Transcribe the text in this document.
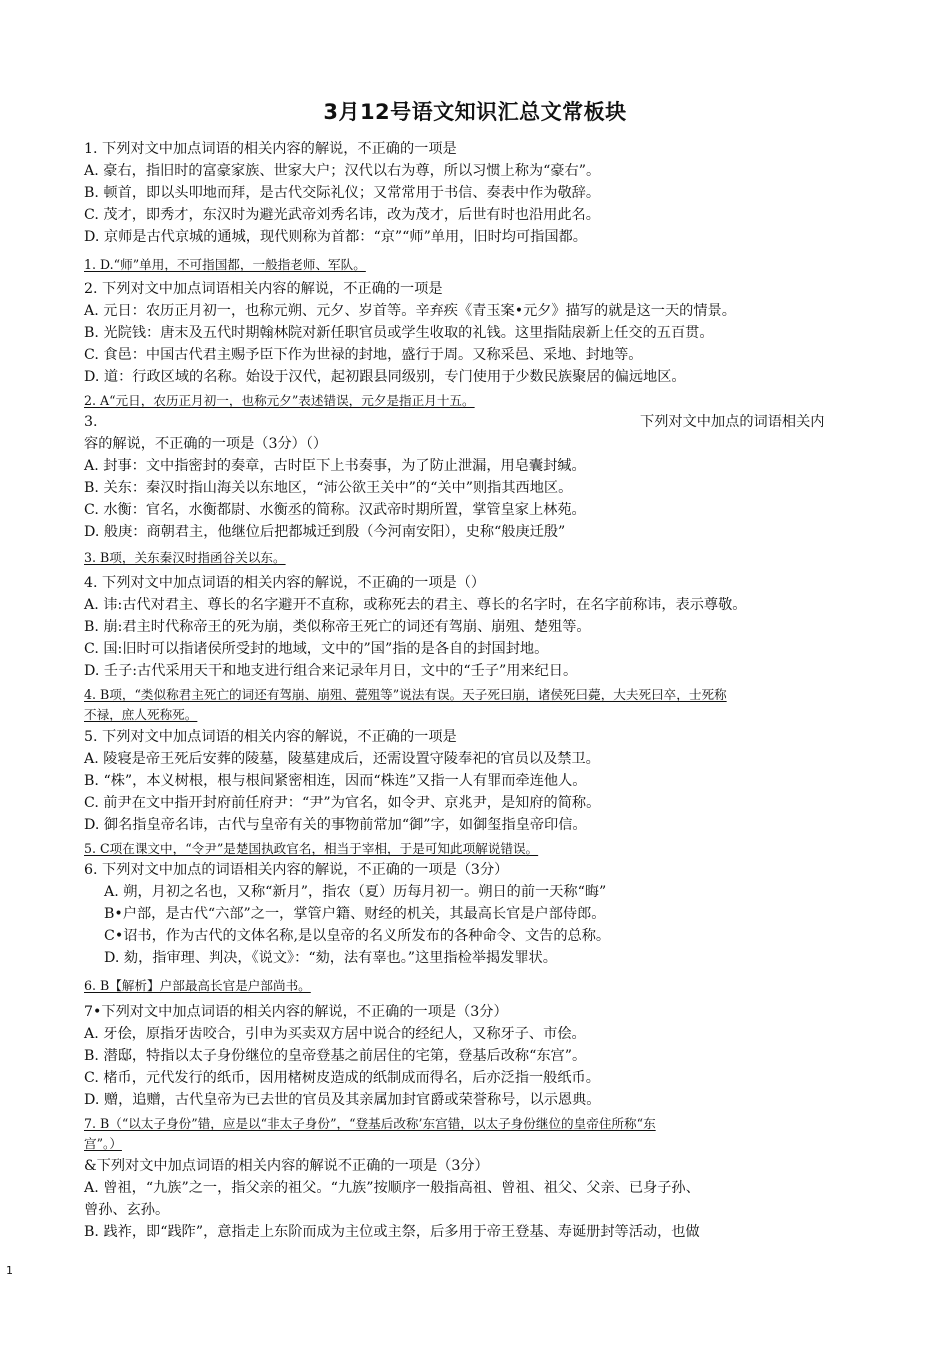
3月12号语文知识汇总文常板块
1. 下列对文中加点词语的相关内容的解说，不正确的一项是
A. 豪右，指旧时的富豪家族、世家大户；汉代以右为尊，所以习惯上称为“豪右”。
B. 顿首，即以头叩地而拜，是古代交际礼仪；又常常用于书信、奏表中作为敬辞。
C. 茂才，即秀才，东汉时为避光武帝刘秀名讳，改为茂才，后世有时也沿用此名。
D. 京师是古代京城的通城，现代则称为首都：“京”“师”单用，旧时均可指国都。
1. D.“师”单用，不可指国都，一般指老师、军队。
2. 下列对文中加点词语相关内容的解说，不正确的一项是
A. 元日：农历正月初一，也称元朔、元夕、岁首等。辛弃疾《青玉案•元夕》描写的就是这一天的情景。
B. 光院钱：唐末及五代时期翰林院对新任职官员或学生收取的礼钱。这里指陆扆新上任交的五百贯。
C. 食邑：中国古代君主赐予臣下作为世禄的封地，盛行于周。又称采邑、采地、封地等。
D. 道：行政区域的名称。始设于汉代，起初跟县同级别，专门使用于少数民族聚居的偏远地区。
2. A“元日，农历正月初一，也称元夕”表述错误，元夕是指正月十五。
3.	下列对文中加点的词语相关内
容的解说，不正确的一项是（3分）（）
A. 封事：文中指密封的奏章，古时臣下上书奏事，为了防止泄漏，用皂囊封缄。
B. 关东：秦汉时指山海关以东地区，“沛公欲王关中”的“关中”则指其西地区。
C. 水衡：官名，水衡都尉、水衡丞的简称。汉武帝时期所置，掌管皇家上林苑。
D. 般庚：商朝君主，他继位后把都城迁到殷（今河南安阳），史称“般庚迁殷”
3. B项，关东秦汉时指函谷关以东。
4. 下列对文中加点词语的相关内容的解说，不正确的一项是（）
A. 讳:古代对君主、尊长的名字避开不直称，或称死去的君主、尊长的名字时，在名字前称讳，表示尊敬。
B. 崩:君主时代称帝王的死为崩，类似称帝王死亡的词还有驾崩、崩殂、楚殂等。
C. 国:旧时可以指诸侯所受封的地域，文中的”国”指的是各自的封国封地。
D. 壬子:古代采用天干和地支进行组合来记录年月日，文中的“壬子”用来纪日。
4. B项，“类似称君主死亡的词还有驾崩、崩殂、甍殂等”说法有误。天子死曰崩，诸侯死曰薨，大夫死曰卒，士死称
不禄，庶人死称死。
5. 下列对文中加点词语的相关内容的解说，不正确的一项是
A. 陵寝是帝王死后安葬的陵墓，陵墓建成后，还需设置守陵奉祀的官员以及禁卫。
B. “株”，本义树根，根与根间紧密相连，因而“株连”又指一人有罪而牵连他人。
C. 前尹在文中指开封府前任府尹：“尹”为官名，如令尹、京兆尹，是知府的简称。
D. 御名指皇帝名讳，古代与皇帝有关的事物前常加“御”字，如御玺指皇帝印信。
5. C项在课文中，“令尹”是楚国执政官名，相当于宰相，于是可知此项解说错误。
6. 下列对文中加点的词语相关内容的解说，不正确的一项是（3分）
A. 朔，月初之名也，又称“新月”，指农（夏）历每月初一。朔日的前一天称“晦”
B•户部，是古代“六部”之一，掌管户籍、财经的机关，其最高长官是户部侍郎。
C•诏书，作为古代的文体名称,是以皇帝的名义所发布的各种命令、文告的总称。
D. 劾，指审理、判决，《说文》：“劾，法有辜也。”这里指检举揭发罪状。
6. B【解析】户部最高长官是户部尚书。
7•下列对文中加点词语的相关内容的解说，不正确的一项是（3分）
A. 牙侩，原指牙齿咬合，引申为买卖双方居中说合的经纪人，又称牙子、市侩。
B. 潜邸，特指以太子身份继位的皇帝登基之前居住的宅第，登基后改称“东宫”。
C. 楮币，元代发行的纸币，因用楮树皮造成的纸制成而得名，后亦泛指一般纸币。
D. 赠，追赠，古代皇帝为已去世的官员及其亲属加封官爵或荣誉称号，以示恩典。
7. B（“以太子身份”错，应是以“非太子身份”，“登基后改称’东宫错，以太子身份继位的皇帝住所称“东
宫”。）
&下列对文中加点词语的相关内容的解说不正确的一项是（3分）
A. 曾祖，“九族”之一，指父亲的祖父。“九族”按顺序一般指高祖、曾祖、祖父、父亲、已身子孙、
曾孙、玄孙。
B. 践祚，即“践阼”，意指走上东阶而成为主位或主祭，后多用于帝王登基、寿诞册封等活动，也做
1
